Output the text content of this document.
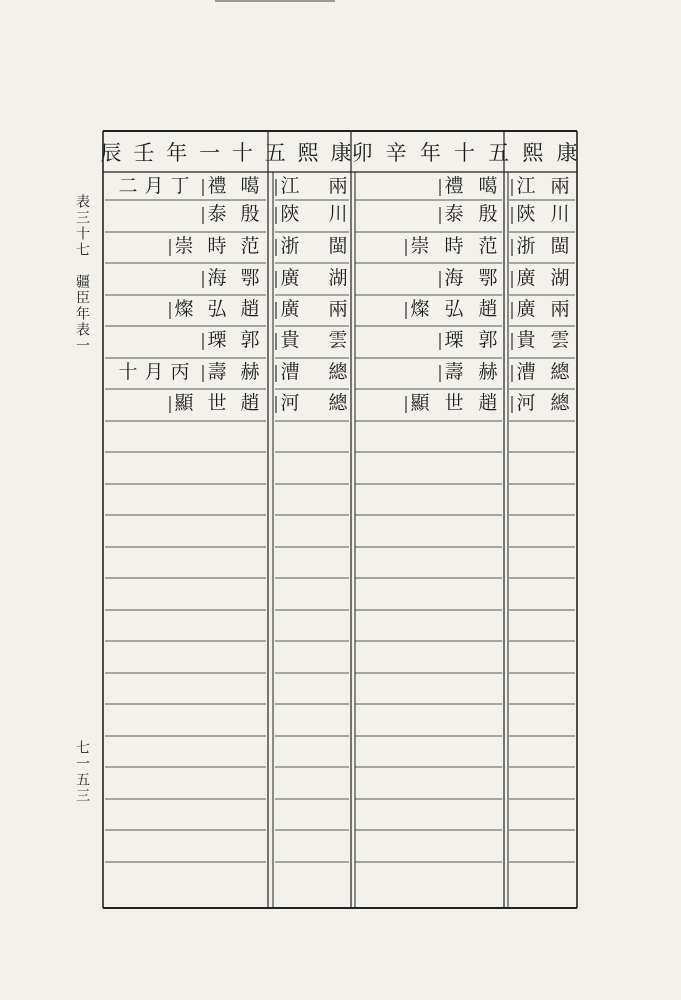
表三十七　疆臣年表一
七一五三
康
熙
五
十
一
年
壬
辰	康
熙
五
十
年
辛
卯
兩
江
川
陝
閩
浙
湖
廣
兩
廣
雲
貴
總
漕
總
河
噶
禮
丁
月
二
殷
泰
范
時
崇
鄂
海
趙
弘
燦
郭
瑮
赫
壽
丙
月
十
趙
世
顯
兩
江
川
陝
閩
浙
湖
廣
兩
廣
雲
貴
總
漕
總
河
噶
禮
殷
泰
范
時
崇
鄂
海
趙
弘
燦
郭
瑮
赫
壽
趙
世
顯
